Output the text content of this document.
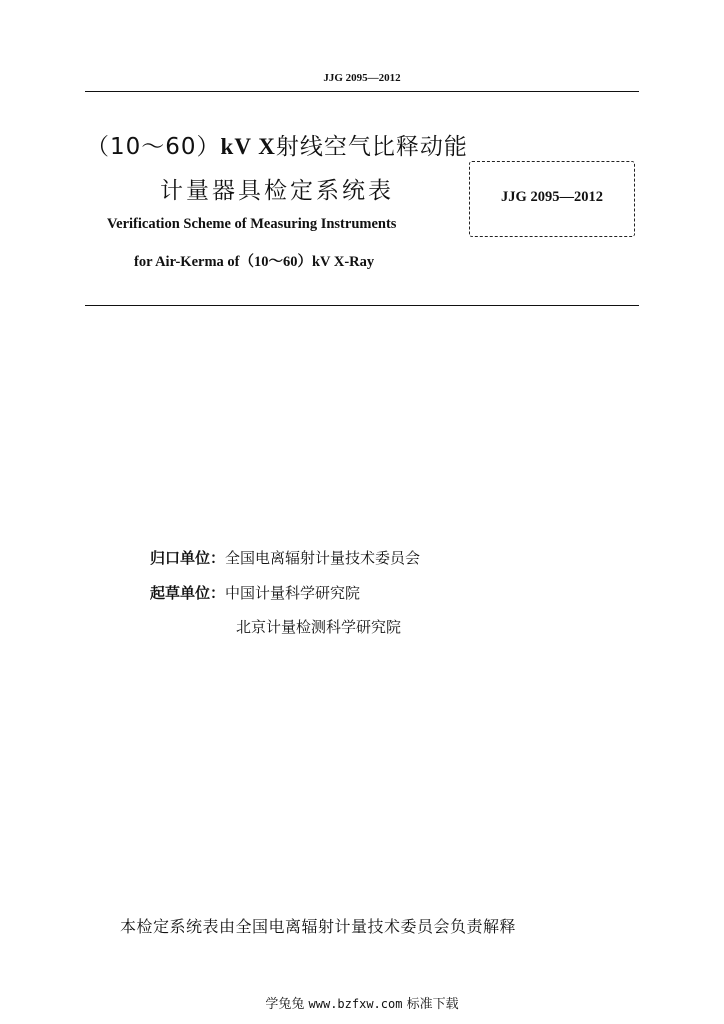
JJG 2095—2012
（10～60）kV X射线空气比释动能
计量器具检定系统表
Verification Scheme of Measuring Instruments
for Air-Kerma of（10～60）kV X-Ray
JJG 2095—2012
归口单位：全国电离辐射计量技术委员会
起草单位：中国计量科学研究院
北京计量检测科学研究院
本检定系统表由全国电离辐射计量技术委员会负责解释
学兔兔 www.bzfxw.com 标准下载
